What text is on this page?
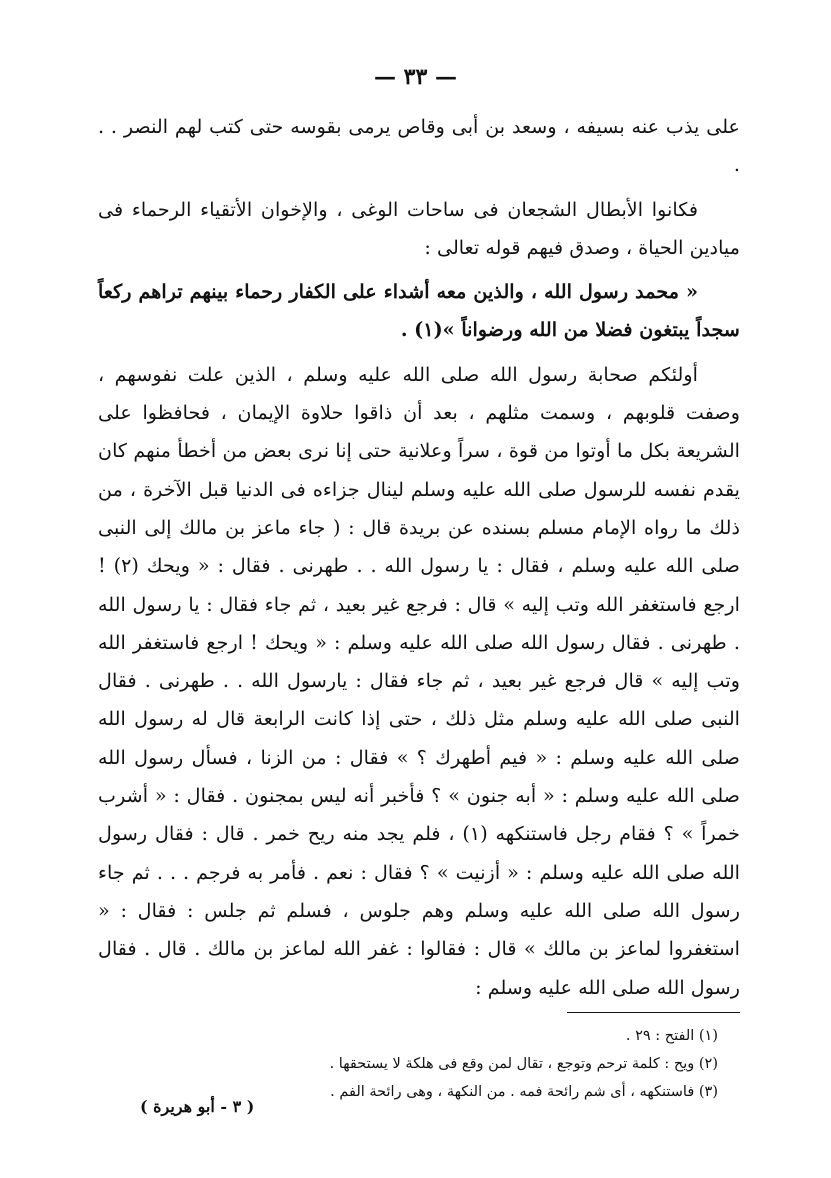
— ٣٣ —

على يذب عنه بسيفه ، وسعد بن أبى وقاص يرمى بقوسه حتى كتب لهم النصر . . .

فكانوا الأبطال الشجعان فى ساحات الوغى ، والإخوان الأتقياء الرحماء فى ميادين الحياة ، وصدق فيهم قوله تعالى :

« محمد رسول الله ، والذين معه أشداء على الكفار رحماء بينهم تراهم ركعاً سجداً يبتغون فضلا من الله ورضواناً »(١) .

أولئكم صحابة رسول الله صلى الله عليه وسلم ، الذين علت نفوسهم ، وصفت قلوبهم ، وسمت مثلهم ، بعد أن ذاقوا حلاوة الإيمان ، فحافظوا على الشريعة بكل ما أوتوا من قوة ، سراً وعلانية حتى إنا نرى بعض من أخطأ منهم كان يقدم نفسه للرسول صلى الله عليه وسلم لينال جزاءه فى الدنيا قبل الآخرة ، من ذلك ما رواه الإمام مسلم بسنده عن بريدة قال : ( جاء ماعز بن مالك إلى النبى صلى الله عليه وسلم ، فقال : يا رسول الله . . طهرنى . فقال : « ويحك (٢) ! ارجع فاستغفر الله وتب إليه » قال : فرجع غير بعيد ، ثم جاء فقال : يا رسول الله . طهرنى . فقال رسول الله صلى الله عليه وسلم : « ويحك ! ارجع فاستغفر الله وتب إليه » قال فرجع غير بعيد ، ثم جاء فقال : يارسول الله . . طهرنى . فقال النبى صلى الله عليه وسلم مثل ذلك ، حتى إذا كانت الرابعة قال له رسول الله صلى الله عليه وسلم : « فيم أطهرك ؟ » فقال : من الزنا ، فسأل رسول الله صلى الله عليه وسلم : « أبه جنون » ؟ فأخبر أنه ليس بمجنون . فقال : « أشرب خمراً » ؟ فقام رجل فاستنكهه (١) ، فلم يجد منه ريح خمر . قال : فقال رسول الله صلى الله عليه وسلم : « أزنيت » ؟ فقال : نعم . فأمر به فرجم . . . ثم جاء رسول الله صلى الله عليه وسلم وهم جلوس ، فسلم ثم جلس : فقال : « استغفروا لماعز بن مالك » قال : فقالوا : غفر الله لماعز بن مالك . قال . فقال رسول الله صلى الله عليه وسلم :

(١) الفتح : ٢٩ .

(٢) ويح : كلمة ترحم وتوجع ، تقال لمن وقع فى هلكة لا يستحقها .

(٣) فاستنكهه ، أى شم رائحة فمه . من النكهة ، وهى رائحة الفم .

( ٣ - أبو هريرة )
